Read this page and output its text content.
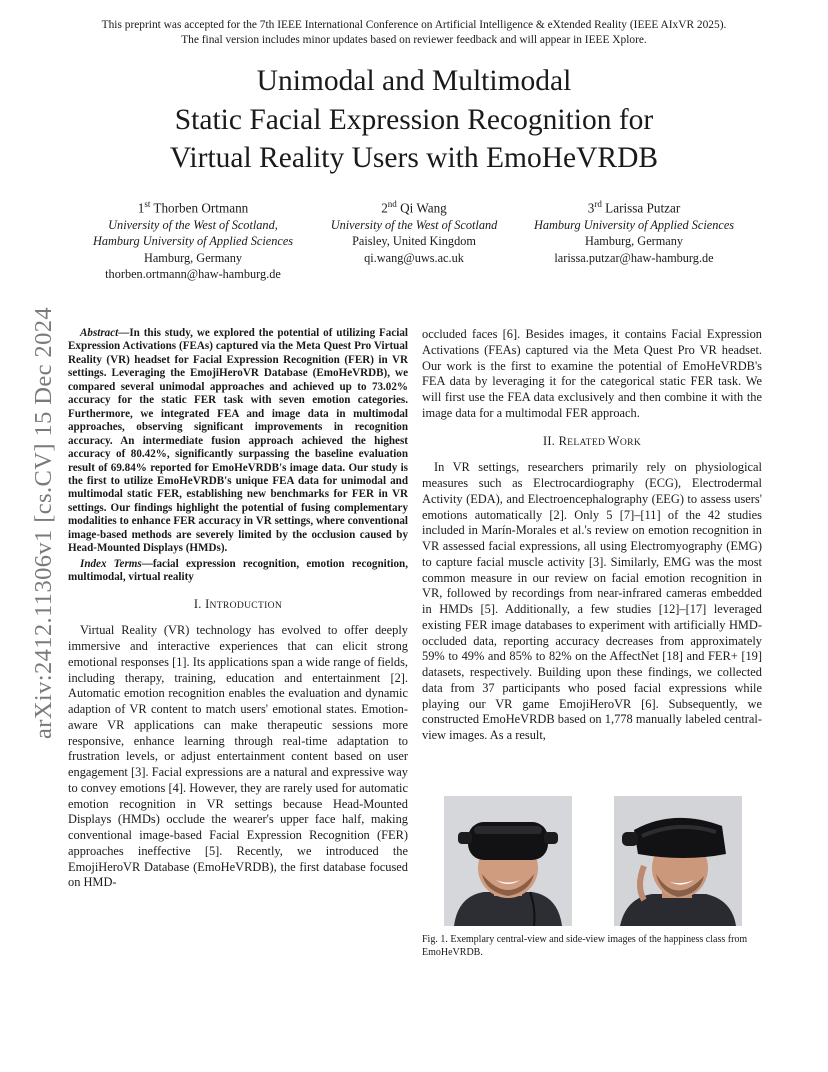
This preprint was accepted for the 7th IEEE International Conference on Artificial Intelligence & eXtended Reality (IEEE AIxVR 2025).
The final version includes minor updates based on reviewer feedback and will appear in IEEE Xplore.
Unimodal and Multimodal
Static Facial Expression Recognition for
Virtual Reality Users with EmoHeVRDB
1st Thorben Ortmann
University of the West of Scotland,
Hamburg University of Applied Sciences
Hamburg, Germany
thorben.ortmann@haw-hamburg.de
2nd Qi Wang
University of the West of Scotland
Paisley, United Kingdom
qi.wang@uws.ac.uk
3rd Larissa Putzar
Hamburg University of Applied Sciences
Hamburg, Germany
larissa.putzar@haw-hamburg.de
arXiv:2412.11306v1 [cs.CV] 15 Dec 2024	Abstract—In this study, we explored the potential of utilizing Facial Expression Activations (FEAs) captured via the Meta Quest Pro Virtual Reality (VR) headset for Facial Expression Recognition (FER) in VR settings. Leveraging the EmojiHeroVR Database (EmoHeVRDB), we compared several unimodal approaches and achieved up to 73.02% accuracy for the static FER task with seven emotion categories. Furthermore, we integrated FEA and image data in multimodal approaches, observing significant improvements in recognition accuracy. An intermediate fusion approach achieved the highest accuracy of 80.42%, significantly surpassing the baseline evaluation result of 69.84% reported for EmoHeVRDB's image data. Our study is the first to utilize EmoHeVRDB's unique FEA data for unimodal and multimodal static FER, establishing new benchmarks for FER in VR settings. Our findings highlight the potential of fusing complementary modalities to enhance FER accuracy in VR settings, where conventional image-based methods are severely limited by the occlusion caused by Head-Mounted Displays (HMDs).

Index Terms—facial expression recognition, emotion recognition, multimodal, virtual reality

I. INTRODUCTION

Virtual Reality (VR) technology has evolved to offer deeply immersive and interactive experiences that can elicit strong emotional responses [1]. Its applications span a wide range of fields, including therapy, training, education and entertainment [2]. Automatic emotion recognition enables the evaluation and dynamic adaption of VR content to match users' emotional states. Emotion-aware VR applications can make therapeutic sessions more responsive, enhance learning through real-time adaptation to frustration levels, or adjust entertainment content based on user engagement [3]. Facial expressions are a natural and expressive way to convey emotions [4]. However, they are rarely used for automatic emotion recognition in VR settings because Head-Mounted Displays (HMDs) occlude the wearer's upper face half, making conventional image-based Facial Expression Recognition (FER) approaches ineffective [5]. Recently, we introduced the EmojiHeroVR Database (EmoHeVRDB), the first database focused on HMD-

occluded faces [6]. Besides images, it contains Facial Expression Activations (FEAs) captured via the Meta Quest Pro VR headset. Our work is the first to examine the potential of EmoHeVRDB's FEA data by leveraging it for the categorical static FER task. We will first use the FEA data exclusively and then combine it with the image data for a multimodal FER approach.

II. RELATED WORK

In VR settings, researchers primarily rely on physiological measures such as Electrocardiography (ECG), Electrodermal Activity (EDA), and Electroencephalography (EEG) to assess users' emotions automatically [2]. Only 5 [7]–[11] of the 42 studies included in Marín-Morales et al.'s review on emotion recognition in VR assessed facial expressions, all using Electromyography (EMG) to capture facial muscle activity [3]. Similarly, EMG was the most common measure in our review on facial emotion recognition in VR, followed by recordings from near-infrared cameras embedded in HMDs [5]. Additionally, a few studies [12]–[17] leveraged existing FER image databases to experiment with artificially HMD-occluded data, reporting accuracy decreases from approximately 59% to 49% and 85% to 82% on the AffectNet [18] and FER+ [19] datasets, respectively. Building upon these findings, we collected data from 37 participants who posed facial expressions while playing our VR game EmojiHeroVR [6]. Subsequently, we constructed EmoHeVRDB based on 1,778 manually labeled central-view images. As a result,

Fig. 1. Exemplary central-view and side-view images of the happiness class from EmoHeVRDB.
